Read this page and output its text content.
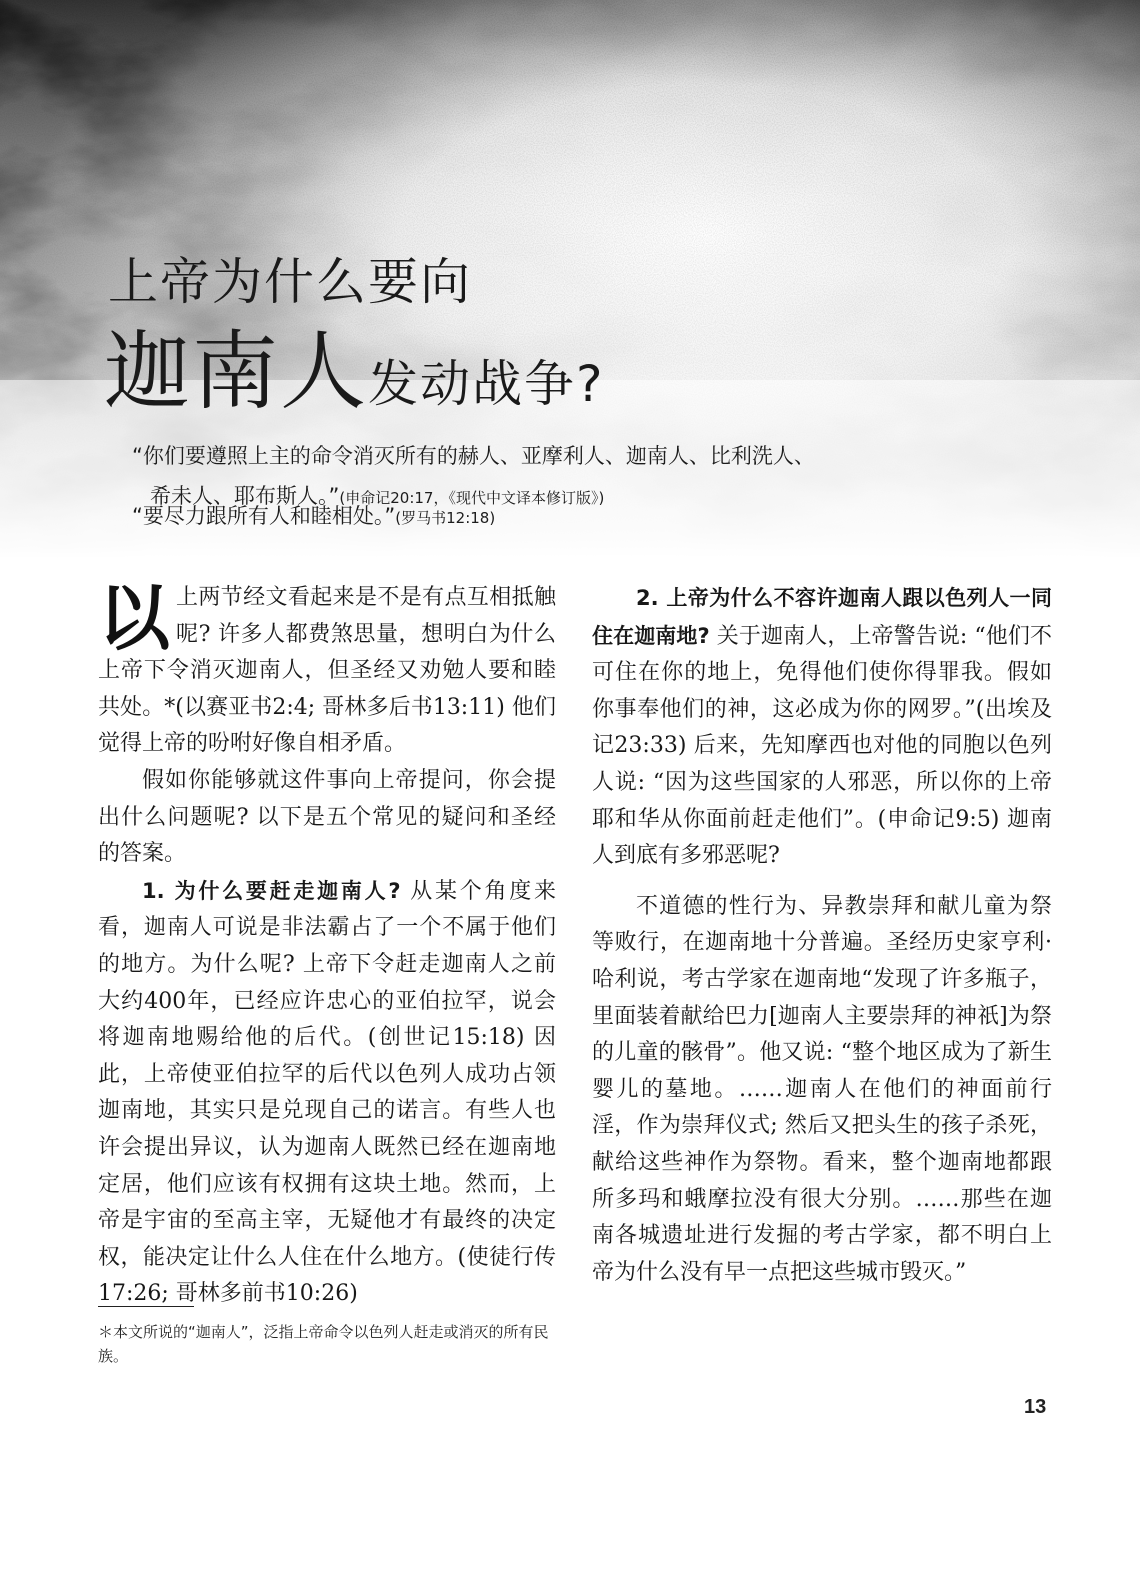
上帝为什么要向
迦南人发动战争?
“你们要遵照上主的命令消灭所有的赫人、亚摩利人、迦南人、比利洗人、
希未人、耶布斯人。”(申命记20:17，《现代中文译本修订版》)
“要尽力跟所有人和睦相处。”(罗马书12:18)

以上两节经文看起来是不是有点互相抵触呢? 许多人都费煞思量，想明白为什么上帝下令消灭迦南人，但圣经又劝勉人要和睦共处。*(以赛亚书2:4; 哥林多后书13:11) 他们觉得上帝的吩咐好像自相矛盾。

假如你能够就这件事向上帝提问，你会提出什么问题呢? 以下是五个常见的疑问和圣经的答案。

1. 为什么要赶走迦南人? 从某个角度来看，迦南人可说是非法霸占了一个不属于他们的地方。为什么呢? 上帝下令赶走迦南人之前大约400年，已经应许忠心的亚伯拉罕，说会将迦南地赐给他的后代。(创世记15:18) 因此，上帝使亚伯拉罕的后代以色列人成功占领迦南地，其实只是兑现自己的诺言。有些人也许会提出异议，认为迦南人既然已经在迦南地定居，他们应该有权拥有这块土地。然而，上帝是宇宙的至高主宰，无疑他才有最终的决定权，能决定让什么人住在什么地方。(使徒行传17:26; 哥林多前书10:26)

2. 上帝为什么不容许迦南人跟以色列人一同住在迦南地? 关于迦南人，上帝警告说: “他们不可住在你的地上，免得他们使你得罪我。假如你事奉他们的神，这必成为你的网罗。”(出埃及记23:33) 后来，先知摩西也对他的同胞以色列人说: “因为这些国家的人邪恶，所以你的上帝耶和华从你面前赶走他们”。(申命记9:5) 迦南人到底有多邪恶呢?

不道德的性行为、异教崇拜和献儿童为祭等败行，在迦南地十分普遍。圣经历史家亨利·哈利说，考古学家在迦南地“发现了许多瓶子，里面装着献给巴力[迦南人主要崇拜的神祇]为祭的儿童的骸骨”。他又说: “整个地区成为了新生婴儿的墓地。……迦南人在他们的神面前行淫，作为崇拜仪式; 然后又把头生的孩子杀死，献给这些神作为祭物。看来，整个迦南地都跟所多玛和蛾摩拉没有很大分别。……那些在迦南各城遗址进行发掘的考古学家，都不明白上帝为什么没有早一点把这些城市毁灭。”

＊本文所说的“迦南人”，泛指上帝命令以色列人赶走或消灭的所有民族。
13
